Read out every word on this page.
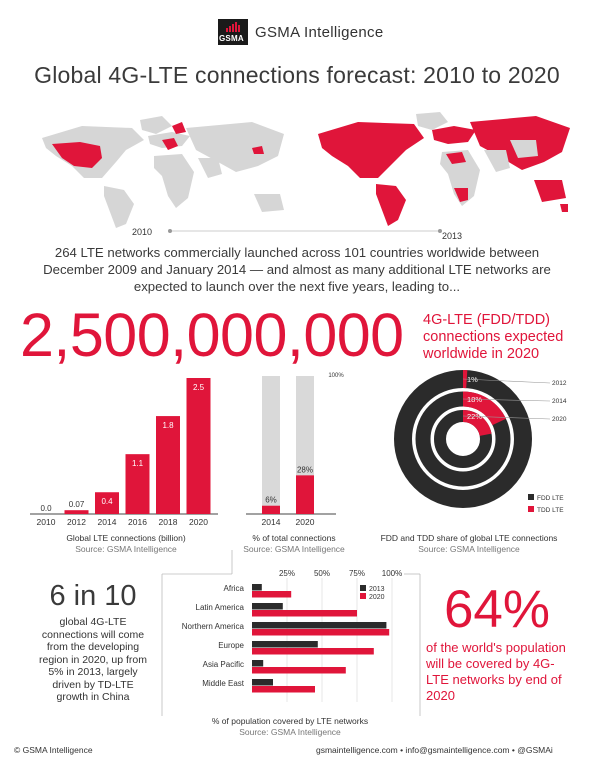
GSMA GSMA Intelligence
Global 4G-LTE connections forecast: 2010 to 2020
2010	2013
264 LTE networks commercially launched across 101 countries worldwide between December 2009 and January 2014 — and almost as many additional LTE networks are expected to launch over the next five years, leading to...
2,500,000,000 4G-LTE (FDD/TDD) connections expected worldwide in 2020
0.0
2010
0.07
2012
0.4
2014
1.1
2016
1.8
2018
2.5
2020
Global LTE connections (billion)
Source: GSMA Intelligence
100%
6%
2014
28%
2020
% of total connections
Source: GSMA Intelligence
1%	2012
18%	2014
22%	2020
FDD LTE
TDD LTE
FDD and TDD share of global LTE connections
Source: GSMA Intelligence
6 in 10
global 4G-LTE connections will come from the developing region in 2020, up from 5% in 2013, largely driven by TD-LTE growth in China
25% 50% 75% 100%
Africa
Latin America
Northern America
Europe
Asia Pacific
Middle East
2013
2020
% of population covered by LTE networks
Source: GSMA Intelligence
64%
of the world's population will be covered by 4G-LTE networks by end of 2020
© GSMA Intelligence	gsmaintelligence.com • info@gsmaintelligence.com • @GSMAi
